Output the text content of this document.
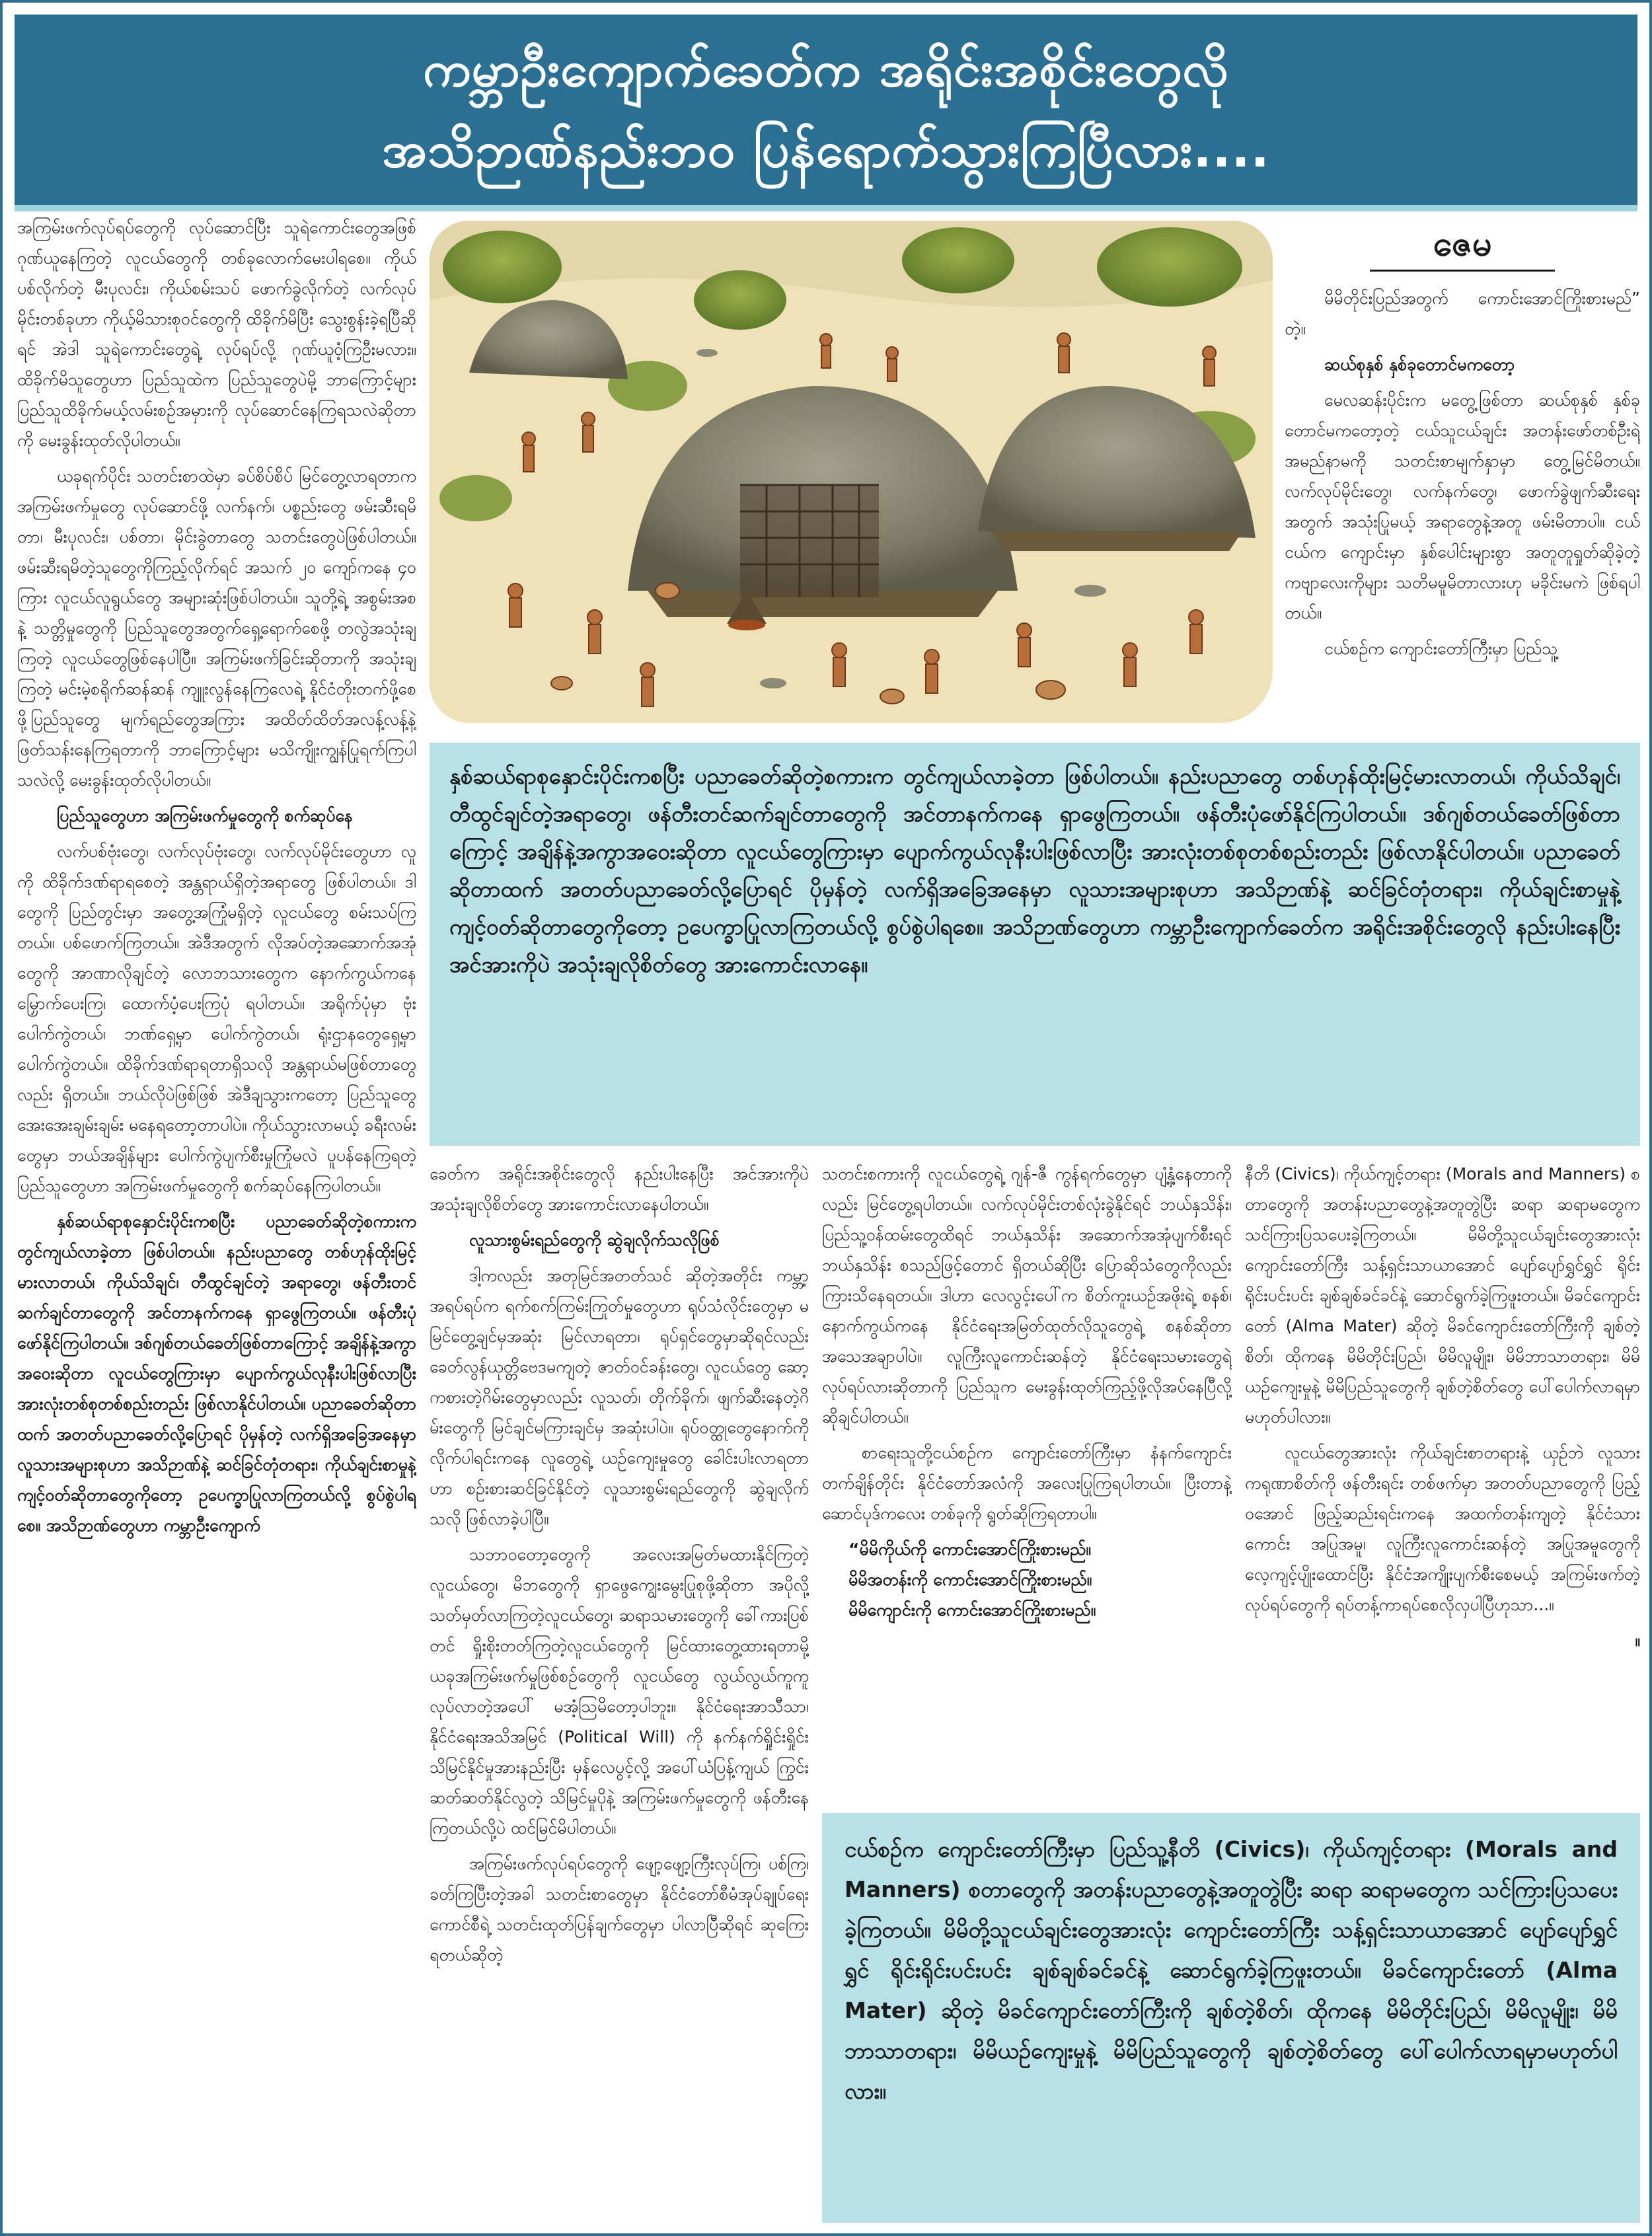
ကမ္ဘာဦးကျောက်ခေတ်က အရိုင်းအစိုင်းတွေလို
အသိဉာဏ်နည်းဘ၀ ပြန်ရောက်သွားကြပြီလား....

အကြမ်းဖက်လုပ်ရပ်တွေကို လုပ်ဆောင်ပြီး သူရဲကောင်းတွေအဖြစ် ဂုဏ်ယူနေကြတဲ့ လူငယ်တွေကို တစ်ခုလောက်မေးပါရစေ။ ကိုယ်ပစ်လိုက်တဲ့ မီးပုလင်း၊ ကိုယ်စမ်းသပ် ဖောက်ခွဲလိုက်တဲ့ လက်လုပ်မိုင်းတစ်ခုဟာ ကိုယ့်မိသားစုဝင်တွေကို ထိခိုက်မိပြီး သွေးစွန်းခဲ့ရပြီဆိုရင် အဲဒါ သူရဲကောင်းတွေရဲ့ လုပ်ရပ်လို့ ဂုဏ်ယူဝံ့ကြဦးမလား။ ထိခိုက်မိသူတွေဟာ ပြည်သူထဲက ပြည်သူတွေပဲမို့ ဘာကြောင့်များ ပြည်သူထိခိုက်မယ့်လမ်းစဉ်အမှားကို လုပ်ဆောင်နေကြရသလဲဆိုတာကို မေးခွန်းထုတ်လိုပါတယ်။

ယခုရက်ပိုင်း သတင်းစာထဲမှာ ခပ်စိပ်စိပ် မြင်တွေ့လာရတာက အကြမ်းဖက်မှုတွေ လုပ်ဆောင်ဖို့ လက်နက်၊ ပစ္စည်းတွေ ဖမ်းဆီးရမိတာ၊ မီးပုလင်း၊ ပစ်တာ၊ မိုင်းခွဲတာတွေ သတင်းတွေပဲဖြစ်ပါတယ်။ ဖမ်းဆီးရမိတဲ့သူတွေကိုကြည့်လိုက်ရင် အသက် ၂၀ ကျော်ကနေ ၄၀ ကြား လူငယ်လူရွယ်တွေ အများဆုံးဖြစ်ပါတယ်။ သူတို့ရဲ့ အစွမ်းအစနဲ့ သတ္တိမှုတွေကို ပြည်သူတွေအတွက်ရှေ့ရောက်စေဖို့ တလွဲအသုံးချကြတဲ့ လူငယ်တွေဖြစ်နေပါပြီ။ အကြမ်းဖက်ခြင်းဆိုတာကို အသုံးချကြတဲ့ မင်းမဲ့စရိုက်ဆန်ဆန် ကျူးလွန်နေကြလေရဲ့ နိုင်ငံတိုးတက်ဖို့စေဖို့ပြည်သူတွေ မျက်ရည်တွေအကြား အထိတ်ထိတ်အလန့်လန့်နဲ့ ဖြတ်သန်းနေကြရတာကို ဘာကြောင့်များ မသိကျိုးကျွန်ပြုရက်ကြပါသလဲလို့ မေးခွန်းထုတ်လိုပါတယ်။

ပြည်သူတွေဟာ အကြမ်းဖက်မှုတွေကို စက်ဆုပ်နေ

လက်ပစ်ဗုံးတွေ၊ လက်လုပ်ဗုံးတွေ၊ လက်လုပ်မိုင်းတွေဟာ လူကို ထိခိုက်ဒဏ်ရာရစေတဲ့ အန္တရာယ်ရှိတဲ့အရာတွေ ဖြစ်ပါတယ်။ ဒါတွေကို ပြည်တွင်းမှာ အတွေ့အကြုံမရှိတဲ့ လူငယ်တွေ စမ်းသပ်ကြတယ်။ ပစ်ဖောက်ကြတယ်။ အဲဒီအတွက် လိုအပ်တဲ့အဆောက်အအုံတွေကို အာဏာလိုချင်တဲ့ လောဘသားတွေက နောက်ကွယ်ကနေ မြှောက်ပေးကြ၊ ထောက်ပံ့ပေးကြပုံ ရပါတယ်။ အရိုက်ပုံမှာ ဗုံးပေါက်ကွဲတယ်၊ ဘဏ်ရှေ့မှာ ပေါက်ကွဲတယ်၊ ရုံးဌာနတွေရှေ့မှာ ပေါက်ကွဲတယ်။ ထိခိုက်ဒဏ်ရာရတာရှိသလို အန္တရာယ်မဖြစ်တာတွေလည်း ရှိတယ်။ ဘယ်လိုပဲဖြစ်ဖြစ် အဲဒီချသွားကတော့ ပြည်သူတွေ အေးအေးချမ်းချမ်း မနေရတော့တာပါပဲ။ ကိုယ်သွားလာမယ့် ခရီးလမ်းတွေမှာ ဘယ်အချိန်များ ပေါက်ကွဲပျက်စီးမှုကြုံမလဲ ပူပန်နေကြရတဲ့ ပြည်သူတွေဟာ အကြမ်းဖက်မှုတွေကို စက်ဆုပ်နေကြပါတယ်။

နှစ်ဆယ်ရာစုနှောင်းပိုင်းကစပြီး ပညာခေတ်ဆိုတဲ့စကားက တွင်ကျယ်လာခဲ့တာ ဖြစ်ပါတယ်။ နည်းပညာတွေ တစ်ဟုန်ထိုးမြင့်မားလာတယ်၊ ကိုယ်သိချင်၊ တီထွင်ချင်တဲ့ အရာတွေ၊ ဖန်တီးတင်ဆက်ချင်တာတွေကို အင်တာနက်ကနေ ရှာဖွေကြတယ်။ ဖန်တီးပုံဖော်နိုင်ကြပါတယ်။ ဒစ်ဂျစ်တယ်ခေတ်ဖြစ်တာကြောင့် အချိန်နဲ့အကွာအဝေးဆိုတာ လူငယ်တွေကြားမှာ ပျောက်ကွယ်လုနီးပါးဖြစ်လာပြီး အားလုံးတစ်စုတစ်စည်းတည်း ဖြစ်လာနိုင်ပါတယ်။ ပညာခေတ်ဆိုတာထက် အတတ်ပညာခေတ်လို့ပြောရင် ပိုမှန်တဲ့ လက်ရှိအခြေအနေမှာ လူသားအများစုဟာ အသိဉာဏ်နဲ့ ဆင်ခြင်တုံတရား၊ ကိုယ်ချင်းစာမှုနဲ့ ကျင့်ဝတ်ဆိုတာတွေကိုတော့ ဥပေက္ခာပြုလာကြတယ်လို့ စွပ်စွဲပါရစေ။ အသိဉာဏ်တွေဟာ ကမ္ဘာဦးကျောက်

ဇေမ

မိမိတိုင်းပြည်အတွက် ကောင်းအောင်ကြိုးစားမည်” တဲ့။

ဆယ်စုနှစ် နှစ်ခုတောင်မကတော့

မေလဆန်းပိုင်းက မတွေ့ဖြစ်တာ ဆယ်စုနှစ် နှစ်ခုတောင်မကတော့တဲ့ ငယ်သူငယ်ချင်း အတန်းဖော်တစ်ဦးရဲ့ အမည်နာမကို သတင်းစာမျက်နှာမှာ တွေ့မြင်မိတယ်။ လက်လုပ်မိုင်းတွေ၊ လက်နက်တွေ၊ ဖောက်ခွဲဖျက်ဆီးရေးအတွက် အသုံးပြုမယ့် အရာတွေနဲ့အတူ ဖမ်းမိတာပါ။ ငယ်ငယ်က ကျောင်းမှာ နှစ်ပေါင်းများစွာ အတူတူရှုတ်ဆိုခဲ့တဲ့ ကဗျာလေးကိုများ သတိမမူမိတာလားဟု မခိုင်းမကဲ ဖြစ်ရပါတယ်။

ငယ်စဉ်က ကျောင်းတော်ကြီးမှာ ပြည်သူ့

နှစ်ဆယ်ရာစုနှောင်းပိုင်းကစပြီး ပညာခေတ်ဆိုတဲ့စကားက တွင်ကျယ်လာခဲ့တာ ဖြစ်ပါတယ်။ နည်းပညာတွေ တစ်ဟုန်ထိုးမြင့်မားလာတယ်၊ ကိုယ်သိချင်၊ တီထွင်ချင်တဲ့အရာတွေ၊ ဖန်တီးတင်ဆက်ချင်တာတွေကို အင်တာနက်ကနေ ရှာဖွေကြတယ်။ ဖန်တီးပုံဖော်နိုင်ကြပါတယ်။ ဒစ်ဂျစ်တယ်ခေတ်ဖြစ်တာကြောင့် အချိန်နဲ့အကွာအဝေးဆိုတာ လူငယ်တွေကြားမှာ ပျောက်ကွယ်လုနီးပါးဖြစ်လာပြီး အားလုံးတစ်စုတစ်စည်းတည်း ဖြစ်လာနိုင်ပါတယ်။ ပညာခေတ်ဆိုတာထက် အတတ်ပညာခေတ်လို့ပြောရင် ပိုမှန်တဲ့ လက်ရှိအခြေအနေမှာ လူသားအများစုဟာ အသိဉာဏ်နဲ့ ဆင်ခြင်တုံတရား၊ ကိုယ်ချင်းစာမှုနဲ့ ကျင့်ဝတ်ဆိုတာတွေကိုတော့ ဥပေက္ခာပြုလာကြတယ်လို့ စွပ်စွဲပါရစေ။ အသိဉာဏ်တွေဟာ ကမ္ဘာဦးကျောက်ခေတ်က အရိုင်းအစိုင်းတွေလို နည်းပါးနေပြီး အင်အားကိုပဲ အသုံးချလိုစိတ်တွေ အားကောင်းလာနေ။

ခေတ်က အရိုင်းအစိုင်းတွေလို နည်းပါးနေပြီး အင်အားကိုပဲ အသုံးချလိုစိတ်တွေ အားကောင်းလာနေပါတယ်။

လူသားစွမ်းရည်တွေကို ဆွဲချလိုက်သလိုဖြစ်

ဒါ့ကလည်း အတုမြင်အတတ်သင် ဆိုတဲ့အတိုင်း ကမ္ဘာ့အရပ်ရပ်က ရက်စက်ကြမ်းကြုတ်မှုတွေဟာ ရုပ်သံလိုင်းတွေမှာ မမြင်တွေ့ချင်မှအဆုံး မြင်လာရတာ၊ ရုပ်ရှင်တွေမှာဆိုရင်လည်း ခေတ်လွန်ယုတ္တိဗေဒမကျတဲ့ ဇာတ်ဝင်ခန်းတွေ၊ လူငယ်တွေ ဆော့ကစားတဲ့ဂိမ်းတွေမှာလည်း လူသတ်၊ တိုက်ခိုက်၊ ဖျက်ဆီးနေတဲ့ဂိမ်းတွေကို မြင်ချင်မကြားချင်မှ အဆုံးပါပဲ။ ရုပ်ဝတ္ထုတွေနောက်ကို လိုက်ပါရင်းကနေ လူတွေရဲ့ ယဉ်ကျေးမှုတွေ ခေါင်းပါးလာရတာဟာ စဉ်းစားဆင်ခြင်နိုင်တဲ့ လူသားစွမ်းရည်တွေကို ဆွဲချလိုက်သလို ဖြစ်လာခဲ့ပါပြီ။

သဘာဝတော့တွေကို အလေးအမြတ်မထားနိုင်ကြတဲ့ လူငယ်တွေ၊ မိဘတွေကို ရှာဖွေကျွေးမွေးပြုစုဖို့ဆိုတာ အပိုလို့ သတ်မှတ်လာကြတဲ့လူငယ်တွေ၊ ဆရာသမားတွေကို ခေါ်ကားပြစ်တင် ရှိုးစိုးတတ်ကြတဲ့လူငယ်တွေကို မြင်ထားတွေ့ထားရတာမို့ ယခုအကြမ်းဖက်မှုဖြစ်စဉ်တွေကို လူငယ်တွေ လွယ်လွယ်ကူကူလုပ်လာတဲ့အပေါ် မအံ့သြမိတော့ပါဘူး။ နိုင်ငံရေးအာသီသာ၊ နိုင်ငံရေးအသိအမြင် (Political Will) ကို နက်နက်ရှိုင်းရှိုင်း သိမြင်နိုင်မှုအားနည်းပြီး မှန်လေပွင့်လို့ အပေါ်ယံပြန့်ကျယ် ကြွင်းဆတ်ဆတ်နိုင်လွတဲ့ သိမြင်မှုပိုနဲ့ အကြမ်းဖက်မှုတွေကို ဖန်တီးနေကြတယ်လို့ပဲ ထင်မြင်မိပါတယ်။

အကြမ်းဖက်လုပ်ရပ်တွေကို ဖျော့ဖျော့ကြီးလုပ်ကြ၊ ပစ်ကြ၊ ခတ်ကြပြီးတဲ့အခါ သတင်းစာတွေမှာ နိုင်ငံတော်စီမံအုပ်ချုပ်ရေးကောင်စီရဲ့ သတင်းထုတ်ပြန်ချက်တွေမှာ ပါလာပြီဆိုရင် ဆုကြေးရတယ်ဆိုတဲ့

သတင်းစကားကို လူငယ်တွေရဲ့ ဂျန်-ဇီ ကွန်ရက်တွေမှာ ပျံ့နှံ့နေတာကိုလည်း မြင်တွေ့ရပါတယ်။ လက်လုပ်မိုင်းတစ်လုံးခွဲနိုင်ရင် ဘယ်နှသိန်း၊ ပြည်သူ့ဝန်ထမ်းတွေထိရင် ဘယ်နှသိန်း အဆောက်အအုံပျက်စီးရင် ဘယ်နှသိန်း စသည်ဖြင့်တောင် ရှိတယ်ဆိုပြီး ပြောဆိုသံတွေကိုလည်း ကြားသိနေရတယ်။ ဒါဟာ လေလွင့်းပေါ်က စိတ်ကူးယဉ်အဖိုးရဲ့ စနစ်၊ နောက်ကွယ်ကနေ နိုင်ငံရေးအမြတ်ထုတ်လိုသူတွေရဲ့ စနစ်ဆိုတာ အသေအချာပါပဲ။ လူကြီးလူကောင်းဆန်တဲ့ နိုင်ငံရေးသမားတွေရဲ့ လုပ်ရပ်လားဆိုတာကို ပြည်သူက မေးခွန်းထုတ်ကြည့်ဖို့လိုအပ်နေပြီလို့ ဆိုချင်ပါတယ်။

စာရေးသူတို့ငယ်စဉ်က ကျောင်းတော်ကြီးမှာ နံနက်ကျောင်းတက်ချိန်တိုင်း နိုင်ငံတော်အလံကို အလေးပြုကြရပါတယ်။ ပြီးတာနဲ့ ဆောင်ပုဒ်ကလေး တစ်ခုကို ရွတ်ဆိုကြရတာပါ။

“မိမိကိုယ်ကို ကောင်းအောင်ကြိုးစားမည်။

မိမိအတန်းကို ကောင်းအောင်ကြိုးစားမည်။

မိမိကျောင်းကို ကောင်းအောင်ကြိုးစားမည်။

နီတိ (Civics)၊ ကိုယ်ကျင့်တရား (Morals and Manners) စတာတွေကို အတန်းပညာတွေနဲ့အတူတွဲပြီး ဆရာ ဆရာမတွေက သင်ကြားပြသပေးခဲ့ကြတယ်။ မိမိတို့သူငယ်ချင်းတွေအားလုံး ကျောင်းတော်ကြီး သန့်ရှင်းသာယာအောင် ပျော်ပျော်ရွှင်ရွှင် ရိုင်းရိုင်းပင်းပင်း ချစ်ချစ်ခင်ခင်နဲ့ ဆောင်ရွက်ခဲ့ကြဖူးတယ်။ မိခင်ကျောင်းတော် (Alma Mater) ဆိုတဲ့ မိခင်ကျောင်းတော်ကြီးကို ချစ်တဲ့စိတ်၊ ထိုကနေ မိမိတိုင်းပြည်၊ မိမိလူမျိုး၊ မိမိဘာသာတရား၊ မိမိယဉ်ကျေးမှုနဲ့ မိမိပြည်သူတွေကို ချစ်တဲ့စိတ်တွေ ပေါ်ပေါက်လာရမှာမဟုတ်ပါလား။

လူငယ်တွေအားလုံး ကိုယ်ချင်းစာတရားနဲ့ ယှဉ်ဘဲ လူသားကရုဏာစိတ်ကို ဖန်တီးရင်း တစ်ဖက်မှာ အတတ်ပညာတွေကို ပြည့်ဝအောင် ဖြည့်ဆည်းရင်းကနေ အထက်တန်းကျတဲ့ နိုင်ငံသားကောင်း အပြုအမူ၊ လူကြီးလူကောင်းဆန်တဲ့ အပြုအမူတွေကို လေ့ကျင့်ပျိုးထောင်ပြီး နိုင်ငံအကျိုးပျက်စီးစေမယ့် အကြမ်းဖက်တဲ့လုပ်ရပ်တွေကို ရပ်တန့်ကာရပ်စေလိုလှပါပြီဟုသာ...။

။
ငယ်စဉ်က ကျောင်းတော်ကြီးမှာ ပြည်သူ့နီတိ (Civics)၊ ကိုယ်ကျင့်တရား (Morals and Manners) စတာတွေကို အတန်းပညာတွေနဲ့အတူတွဲပြီး ဆရာ ဆရာမတွေက သင်ကြားပြသပေးခဲ့ကြတယ်။ မိမိတို့သူငယ်ချင်းတွေအားလုံး ကျောင်းတော်ကြီး သန့်ရှင်းသာယာအောင် ပျော်ပျော်ရွှင်ရွှင် ရိုင်းရိုင်းပင်းပင်း ချစ်ချစ်ခင်ခင်နဲ့ ဆောင်ရွက်ခဲ့ကြဖူးတယ်။ မိခင်ကျောင်းတော် (Alma Mater) ဆိုတဲ့ မိခင်ကျောင်းတော်ကြီးကို ချစ်တဲ့စိတ်၊ ထိုကနေ မိမိတိုင်းပြည်၊ မိမိလူမျိုး၊ မိမိဘာသာတရား၊ မိမိယဉ်ကျေးမှုနဲ့ မိမိပြည်သူတွေကို ချစ်တဲ့စိတ်တွေ ပေါ်ပေါက်လာရမှာမဟုတ်ပါလား။
